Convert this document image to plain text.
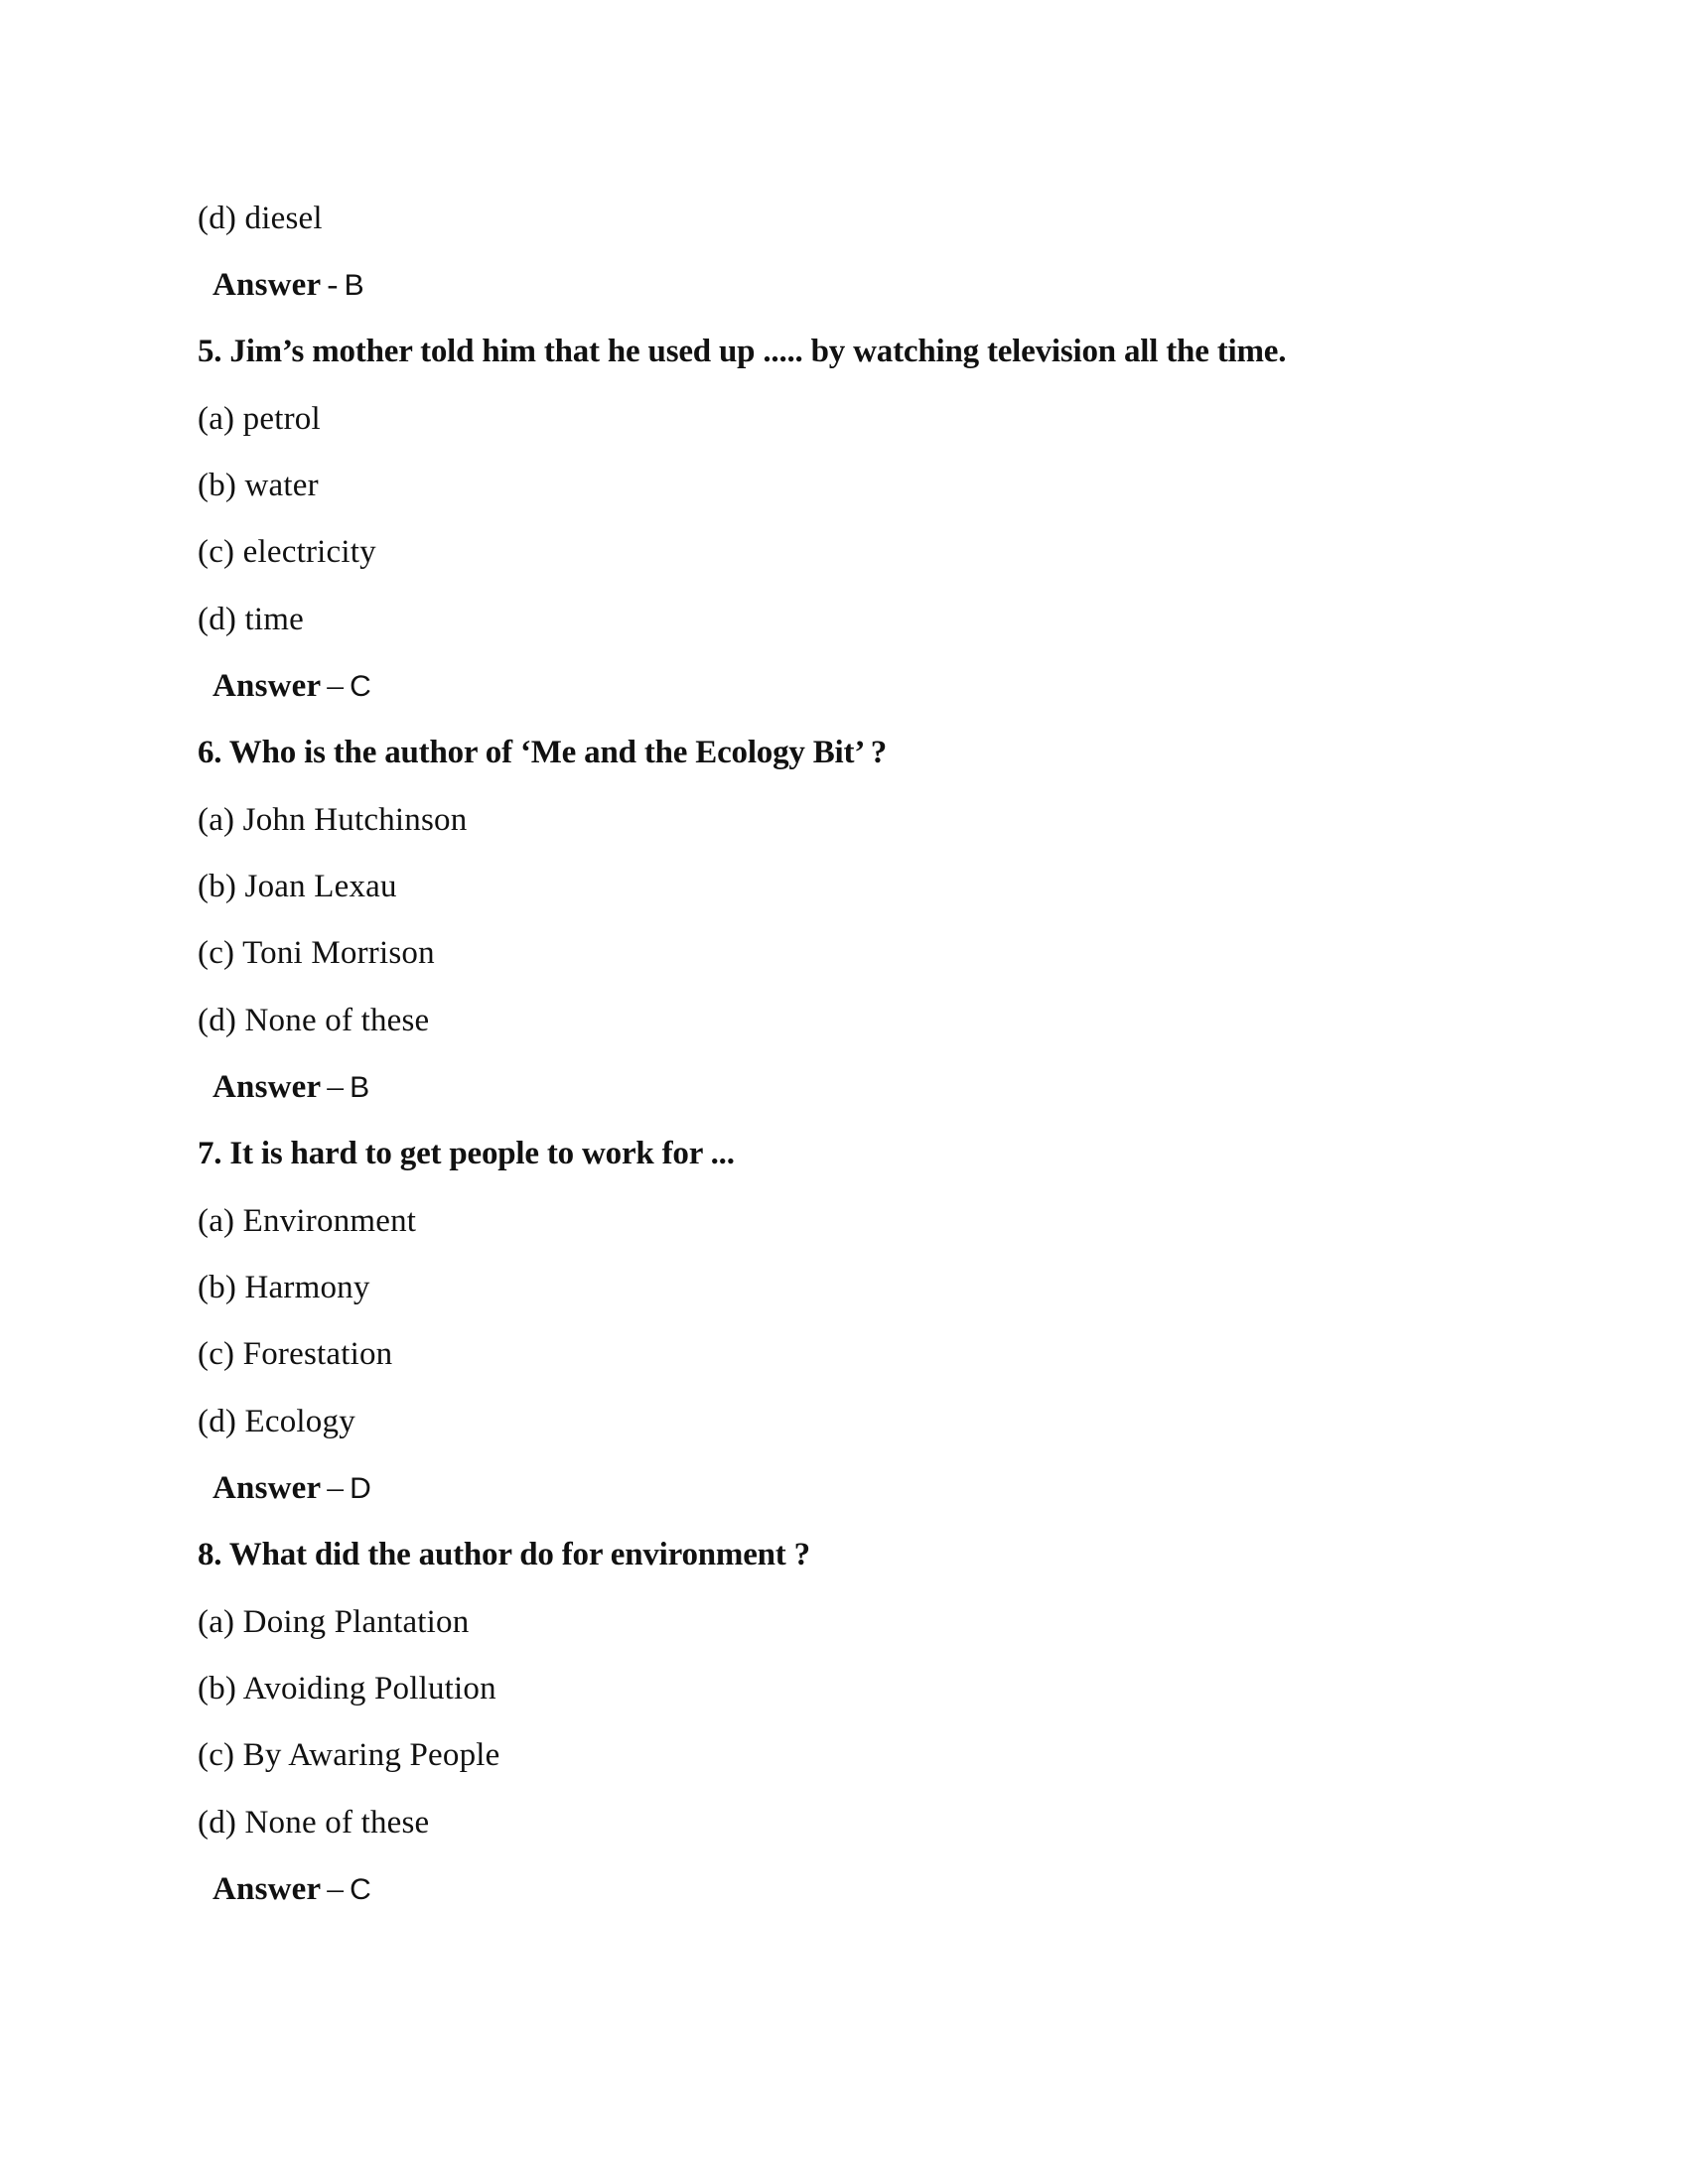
(d) diesel
Answer - B
5. Jim’s mother told him that he used up ..... by watching television all the time.
(a) petrol
(b) water
(c) electricity
(d) time
Answer – C
6. Who is the author of ‘Me and the Ecology Bit’ ?
(a) John Hutchinson
(b) Joan Lexau
(c) Toni Morrison
(d) None of these
Answer – B
7. It is hard to get people to work for ...
(a) Environment
(b) Harmony
(c) Forestation
(d) Ecology
Answer – D
8. What did the author do for environment ?
(a) Doing Plantation
(b) Avoiding Pollution
(c) By Awaring People
(d) None of these
Answer – C
